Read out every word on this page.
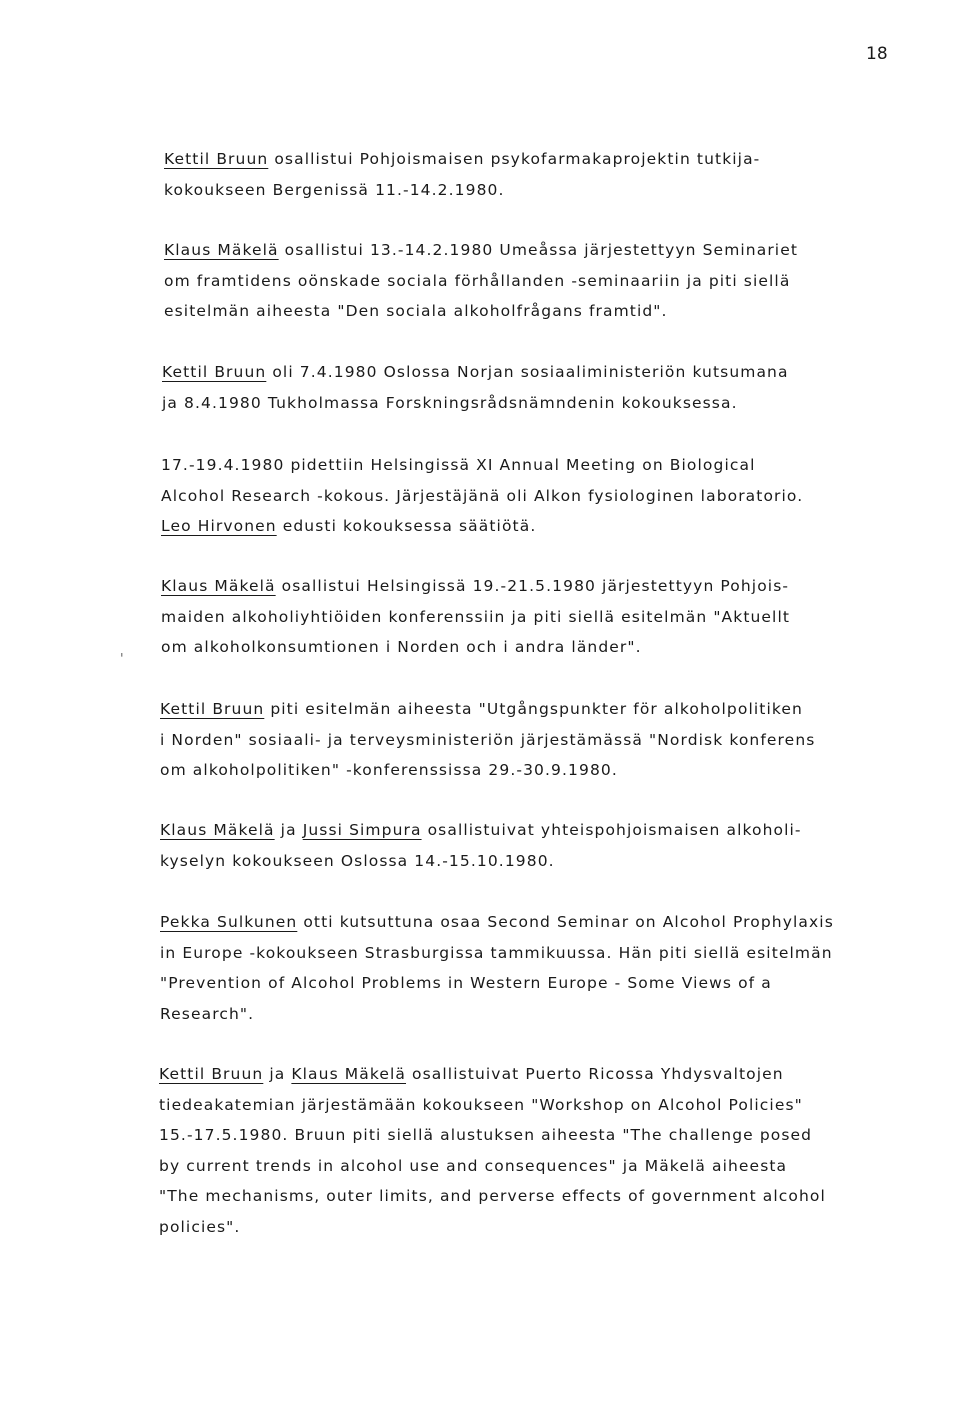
18
Kettil Bruun osallistui Pohjoismaisen psykofarmakaprojektin tutkija-
kokoukseen Bergenissä 11.-14.2.1980.
Klaus Mäkelä osallistui 13.-14.2.1980 Umeåssa järjestettyyn Seminariet
om framtidens oönskade sociala förhållanden -seminaariin ja piti siellä
esitelmän aiheesta "Den sociala alkoholfrågans framtid".
Kettil Bruun oli 7.4.1980 Oslossa Norjan sosiaaliministeriön kutsumana
ja 8.4.1980 Tukholmassa Forskningsrådsnämndenin kokouksessa.
17.-19.4.1980 pidettiin Helsingissä XI Annual Meeting on Biological
Alcohol Research -kokous. Järjestäjänä oli Alkon fysiologinen laboratorio.
Leo Hirvonen edusti kokouksessa säätiötä.
Klaus Mäkelä osallistui Helsingissä 19.-21.5.1980 järjestettyyn Pohjois-
maiden alkoholiyhtiöiden konferenssiin ja piti siellä esitelmän "Aktuellt
om alkoholkonsumtionen i Norden och i andra länder".
Kettil Bruun piti esitelmän aiheesta "Utgångspunkter för alkoholpolitiken
i Norden" sosiaali- ja terveysministeriön järjestämässä "Nordisk konferens
om alkoholpolitiken" -konferenssissa 29.-30.9.1980.
Klaus Mäkelä ja Jussi Simpura osallistuivat yhteispohjoismaisen alkoholi-
kyselyn kokoukseen Oslossa 14.-15.10.1980.
Pekka Sulkunen otti kutsuttuna osaa Second Seminar on Alcohol Prophylaxis
in Europe -kokoukseen Strasburgissa tammikuussa. Hän piti siellä esitelmän
"Prevention of Alcohol Problems in Western Europe - Some Views of a
Research".
Kettil Bruun ja Klaus Mäkelä osallistuivat Puerto Ricossa Yhdysvaltojen
tiedeakatemian järjestämään kokoukseen "Workshop on Alcohol Policies"
15.-17.5.1980. Bruun piti siellä alustuksen aiheesta "The challenge posed
by current trends in alcohol use and consequences" ja Mäkelä aiheesta
"The mechanisms, outer limits, and perverse effects of government alcohol
policies".
'
